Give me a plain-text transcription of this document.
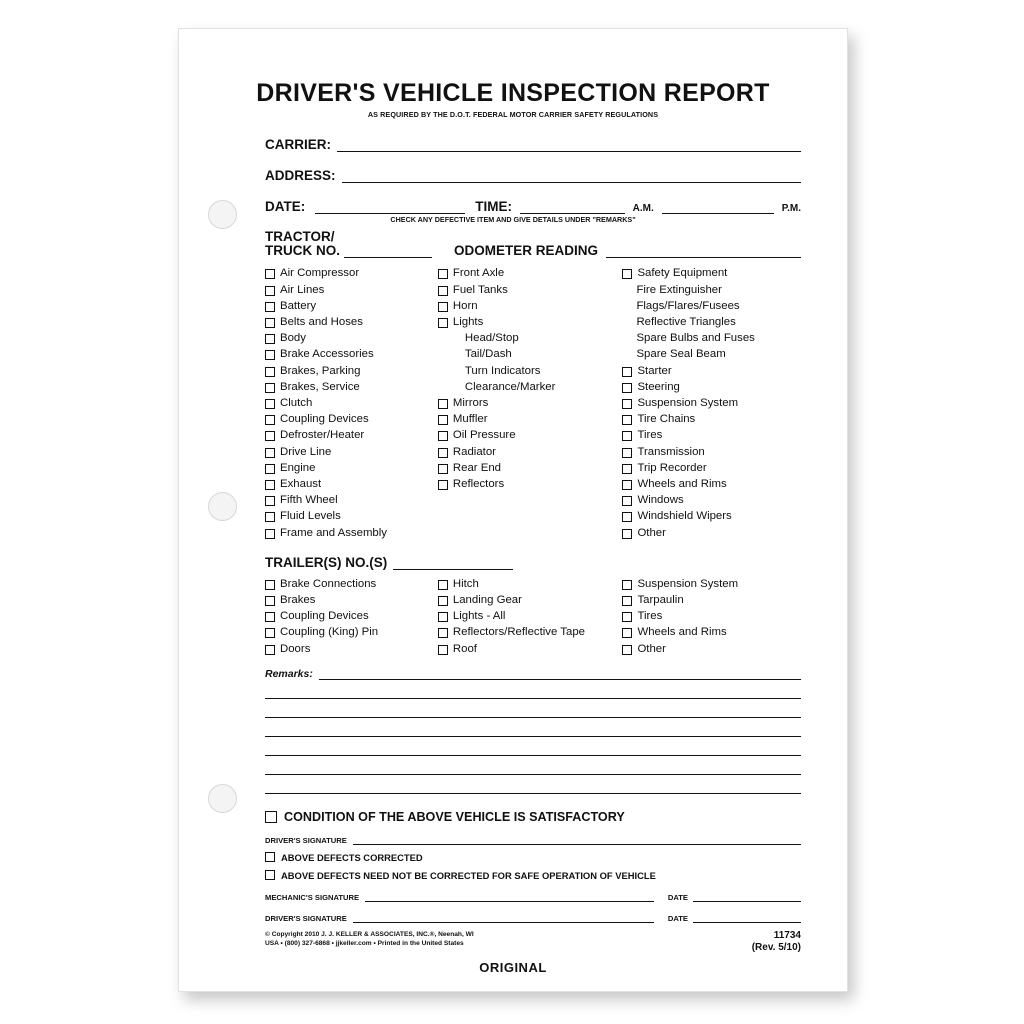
DRIVER'S VEHICLE INSPECTION REPORT
AS REQUIRED BY THE D.O.T. FEDERAL MOTOR CARRIER SAFETY REGULATIONS
CARRIER:
ADDRESS:
DATE:	TIME:	A.M.	P.M.
CHECK ANY DEFECTIVE ITEM AND GIVE DETAILS UNDER "REMARKS"
TRACTOR/
TRUCK NO.	ODOMETER READING
Air Compressor
Air Lines
Battery
Belts and Hoses
Body
Brake Accessories
Brakes, Parking
Brakes, Service
Clutch
Coupling Devices
Defroster/Heater
Drive Line
Engine
Exhaust
Fifth Wheel
Fluid Levels
Frame and Assembly
Front Axle
Fuel Tanks
Horn
Lights
Head/Stop
Tail/Dash
Turn Indicators
Clearance/Marker
Mirrors
Muffler
Oil Pressure
Radiator
Rear End
Reflectors
Safety Equipment
Fire Extinguisher
Flags/Flares/Fusees
Reflective Triangles
Spare Bulbs and Fuses
Spare Seal Beam
Starter
Steering
Suspension System
Tire Chains
Tires
Transmission
Trip Recorder
Wheels and Rims
Windows
Windshield Wipers
Other
TRAILER(S) NO.(S)
Brake Connections
Brakes
Coupling Devices
Coupling (King) Pin
Doors
Hitch
Landing Gear
Lights - All
Reflectors/Reflective Tape
Roof
Suspension System
Tarpaulin
Tires
Wheels and Rims
Other
Remarks:
CONDITION OF THE ABOVE VEHICLE IS SATISFACTORY
DRIVER'S SIGNATURE
ABOVE DEFECTS CORRECTED
ABOVE DEFECTS NEED NOT BE CORRECTED FOR SAFE OPERATION OF VEHICLE
MECHANIC'S SIGNATURE	DATE
DRIVER'S SIGNATURE	DATE
© Copyright 2010 J. J. KELLER & ASSOCIATES, INC.®, Neenah, WI
USA • (800) 327-6868 • jjkeller.com • Printed in the United States
11734
(Rev. 5/10)
ORIGINAL
